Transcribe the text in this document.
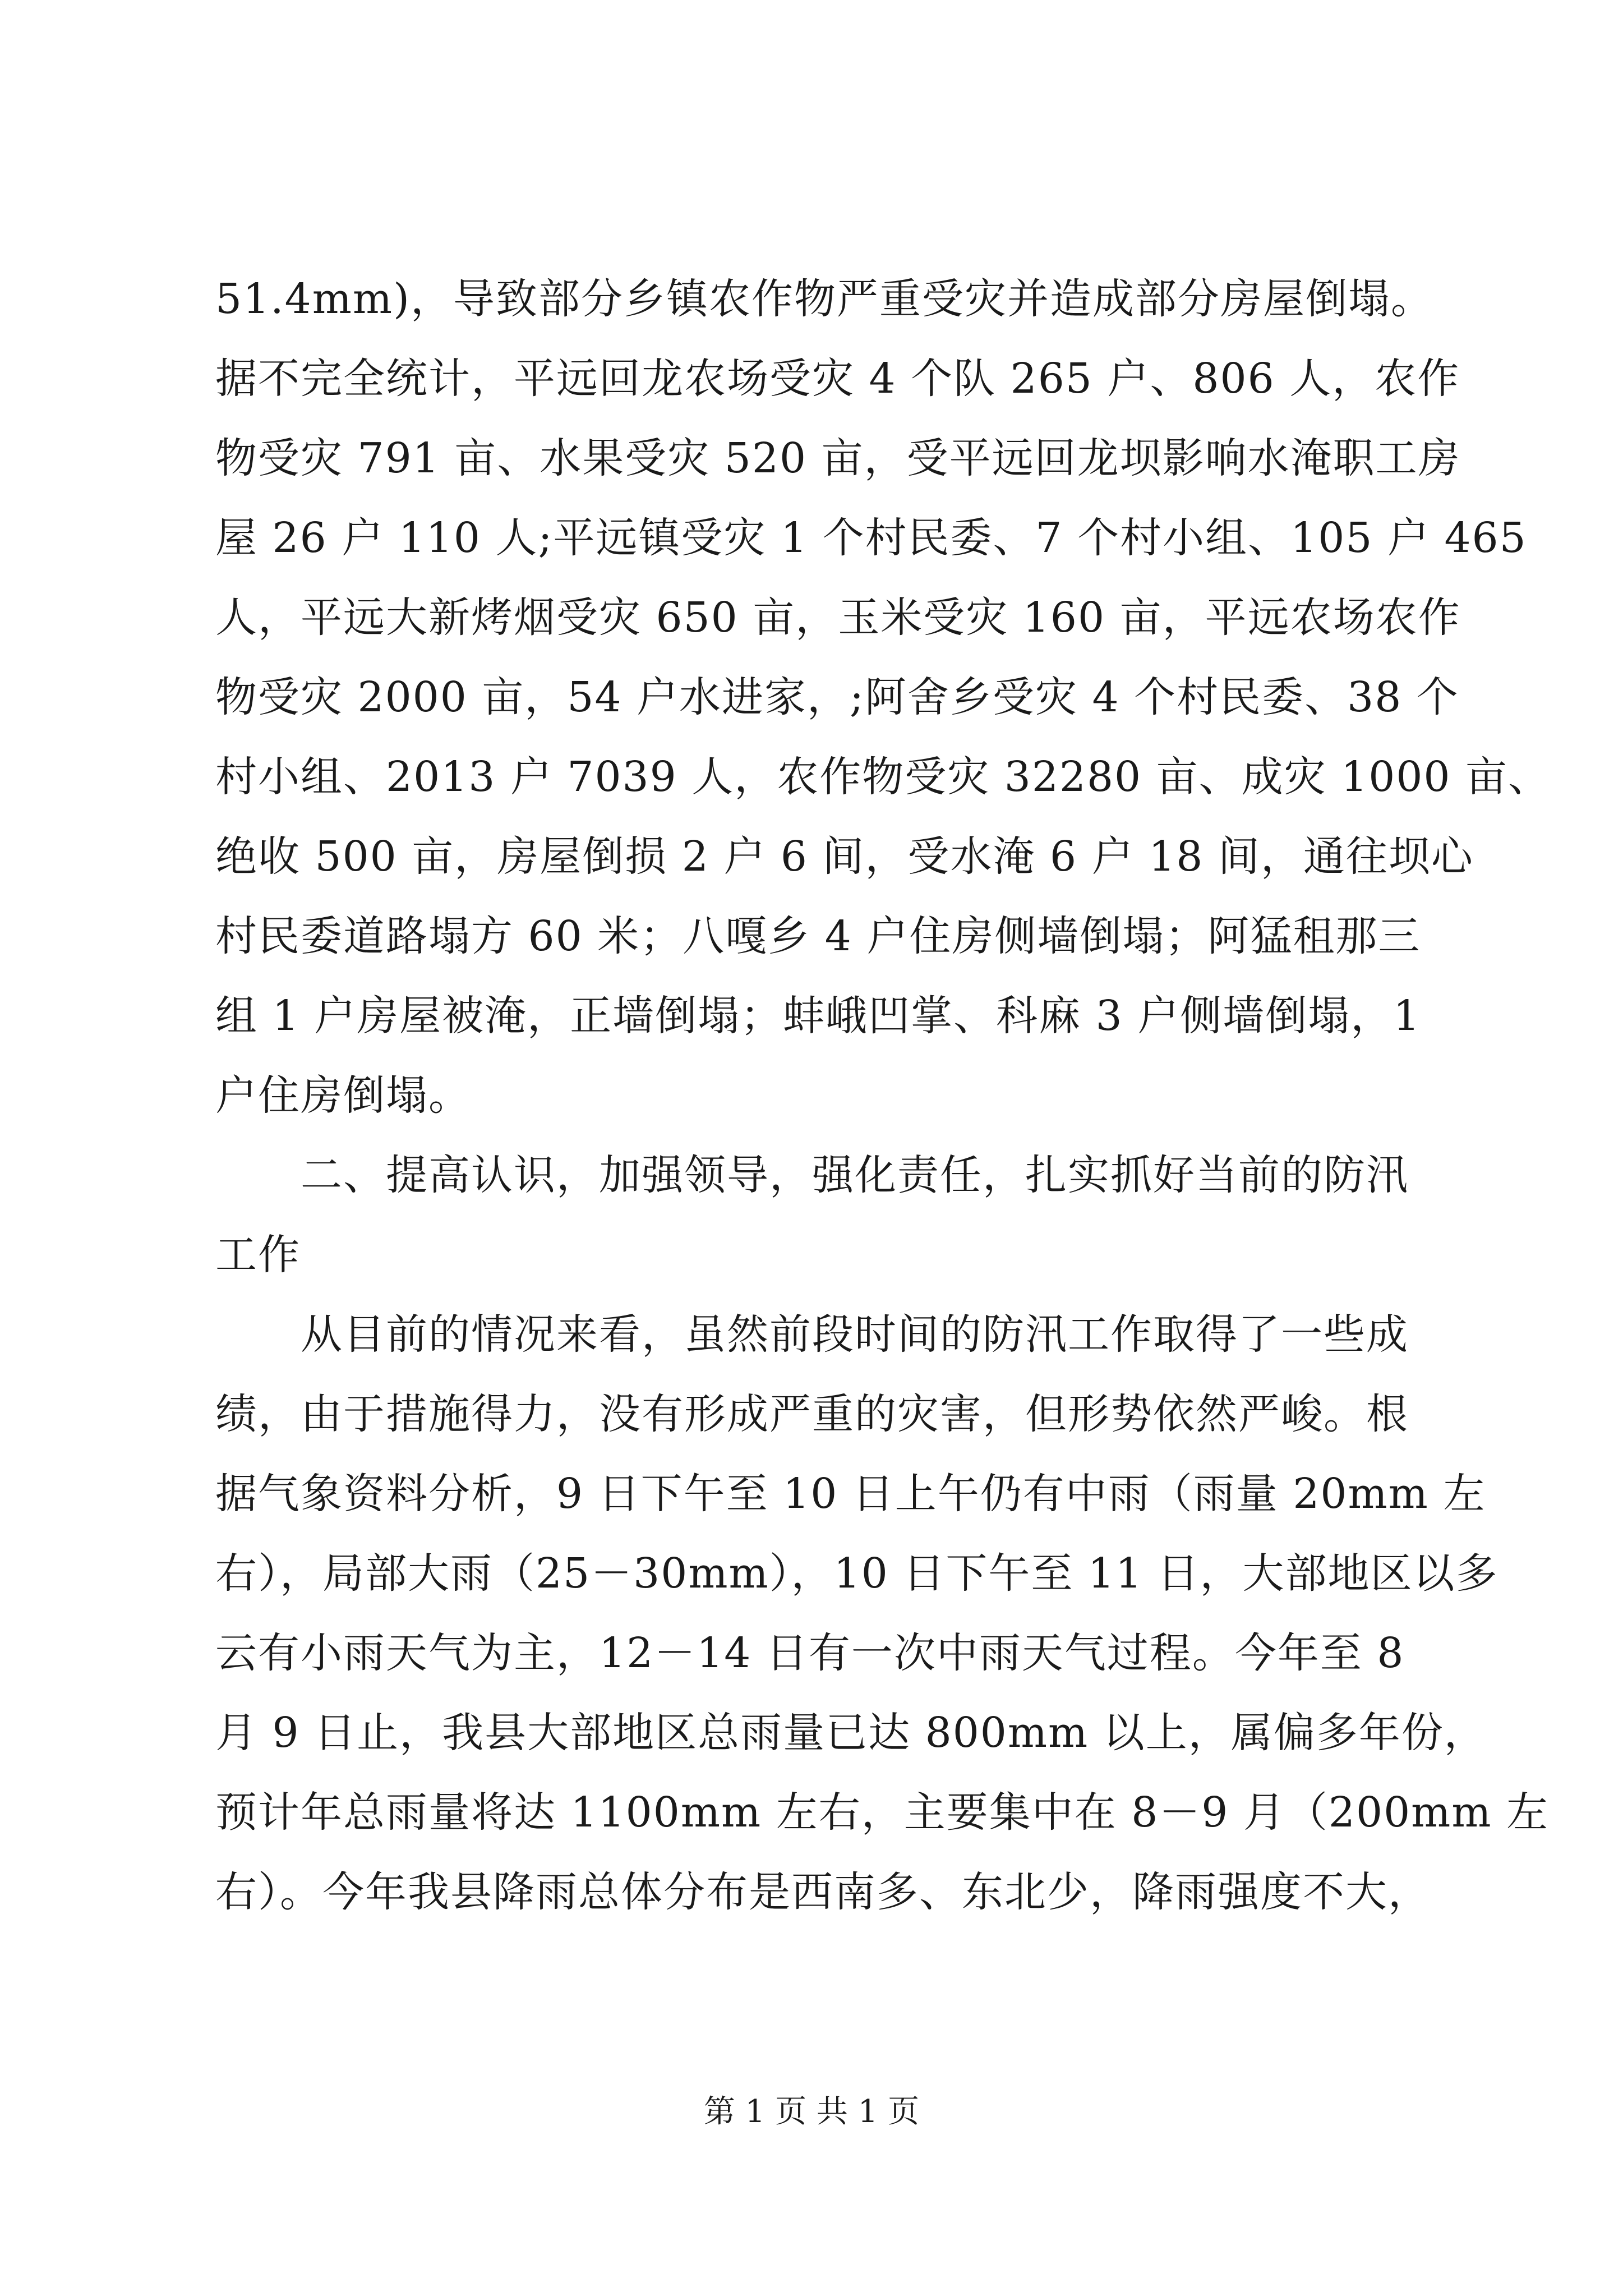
51.4mm)，导致部分乡镇农作物严重受灾并造成部分房屋倒塌。
据不完全统计，平远回龙农场受灾 4 个队 265 户、806 人，农作
物受灾 791 亩、水果受灾 520 亩，受平远回龙坝影响水淹职工房
屋 26 户 110 人;平远镇受灾 1 个村民委、7 个村小组、105 户 465
人，平远大新烤烟受灾 650 亩，玉米受灾 160 亩，平远农场农作
物受灾 2000 亩，54 户水进家，;阿舍乡受灾 4 个村民委、38 个
村小组、2013 户 7039 人，农作物受灾 32280 亩、成灾 1000 亩、
绝收 500 亩，房屋倒损 2 户 6 间，受水淹 6 户 18 间，通往坝心
村民委道路塌方 60 米；八嘎乡 4 户住房侧墙倒塌；阿猛租那三
组 1 户房屋被淹，正墙倒塌；蚌峨凹掌、科麻 3 户侧墙倒塌，1
户住房倒塌。
　　二、提高认识，加强领导，强化责任，扎实抓好当前的防汛
工作
　　从目前的情况来看，虽然前段时间的防汛工作取得了一些成
绩，由于措施得力，没有形成严重的灾害，但形势依然严峻。根
据气象资料分析，9 日下午至 10 日上午仍有中雨（雨量 20mm 左
右），局部大雨（25－30mm），10 日下午至 11 日，大部地区以多
云有小雨天气为主，12－14 日有一次中雨天气过程。今年至 8
月 9 日止，我县大部地区总雨量已达 800mm 以上，属偏多年份，
预计年总雨量将达 1100mm 左右，主要集中在 8－9 月（200mm 左
右）。今年我县降雨总体分布是西南多、东北少，降雨强度不大，
第 1 页 共 1 页
